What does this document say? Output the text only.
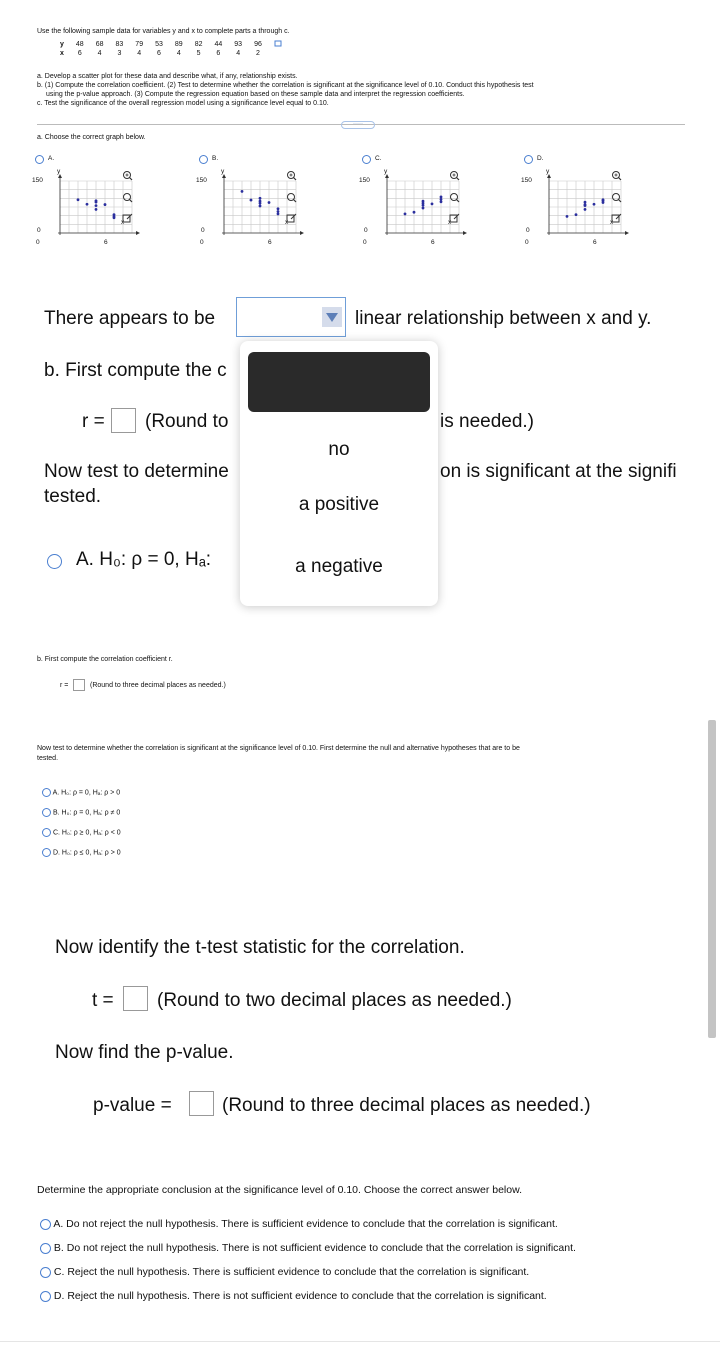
Use the following sample data for variables y and x to complete parts a through c.
y	48	68	83	79	53	89	82	44	93	96	
x	6	4	3	4	6	4	5	6	4	2	
a. Develop a scatter plot for these data and describe what, if any, relationship exists.
b. (1) Compute the correlation coefficient. (2) Test to determine whether the correlation is significant at the significance level of 0.10. Conduct this hypothesis test
using the p-value approach. (3) Compute the regression equation based on these sample data and interpret the regression coefficients.
c. Test the significance of the overall regression model using a significance level equal to 0.10.
·····
a. Choose the correct graph below.
A.
150
0
y
x
0	6
B.
150
0
y
x
0	6
C.
150
0
y
x
0	6
D.
150
0
y
x
0	6
There appears to be	linear relationship between x and y.
b. First compute the c
r = (Round to	is needed.)
Now test to determine	on is significant at the signifi
tested.
A. H₀: ρ = 0, Hₐ:
no
a positive
a negative
b. First compute the correlation coefficient r.
r =	(Round to three decimal places as needed.)
Now test to determine whether the correlation is significant at the significance level of 0.10. First determine the null and alternative hypotheses that are to be
tested.
A. H₀: ρ = 0, Hₐ: ρ > 0
B. H₀: ρ = 0, Hₐ: ρ ≠ 0
C. H₀: ρ ≥ 0, Hₐ: ρ < 0
D. H₀: ρ ≤ 0, Hₐ: ρ > 0
Now identify the t-test statistic for the correlation.
t = (Round to two decimal places as needed.)
Now find the p-value.
p-value =	(Round to three decimal places as needed.)
Determine the appropriate conclusion at the significance level of 0.10. Choose the correct answer below.
A. Do not reject the null hypothesis. There is sufficient evidence to conclude that the correlation is significant.
B. Do not reject the null hypothesis. There is not sufficient evidence to conclude that the correlation is significant.
C. Reject the null hypothesis. There is sufficient evidence to conclude that the correlation is significant.
D. Reject the null hypothesis. There is not sufficient evidence to conclude that the correlation is significant.
